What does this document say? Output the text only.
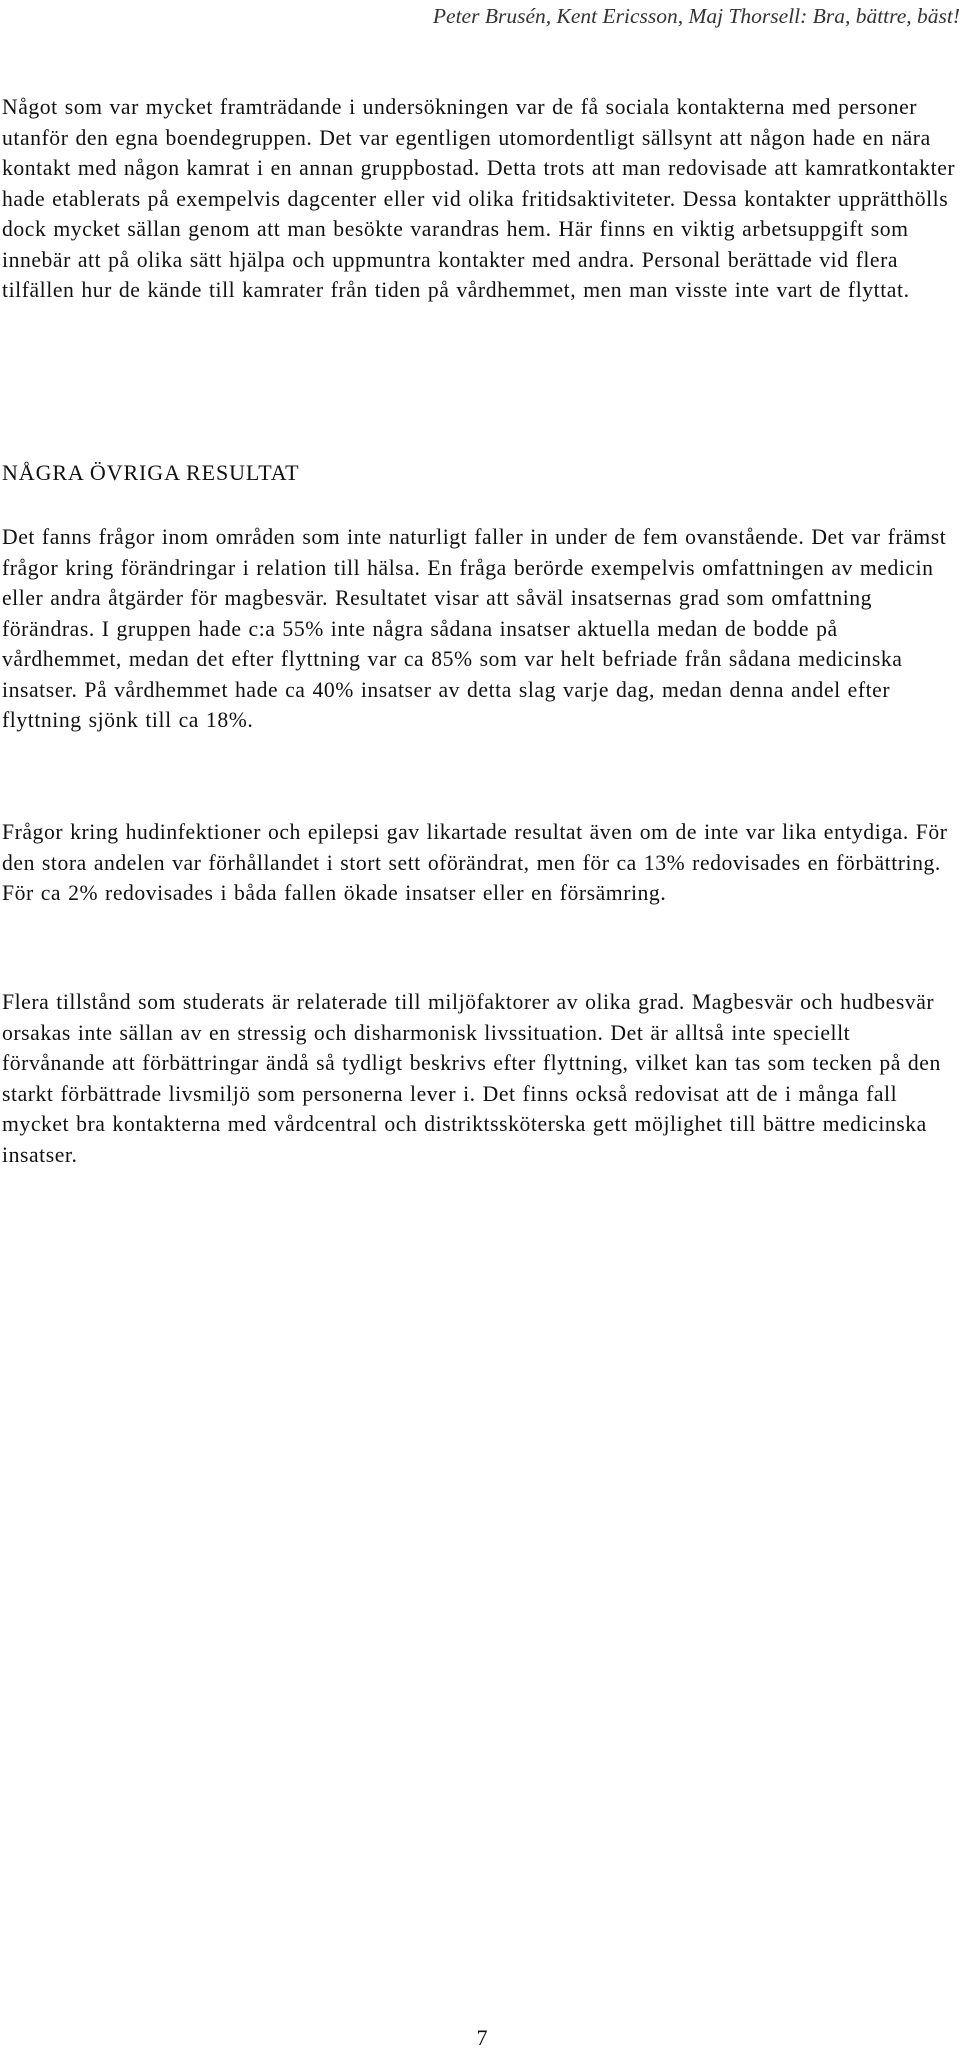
Peter Brusén, Kent Ericsson, Maj Thorsell: Bra, bättre, bäst!

Något som var mycket framträdande i undersökningen var de få sociala kontakterna med personer utanför den egna boendegruppen. Det var egentligen utomordentligt sällsynt att någon hade en nära kontakt med någon kamrat i en annan gruppbostad. Detta trots att man redovisade att kamratkontakter hade etablerats på exempelvis dagcenter eller vid olika fritidsaktiviteter. Dessa kontakter upprätthölls dock mycket sällan genom att man besökte varandras hem. Här finns en viktig arbetsuppgift som innebär att på olika sätt hjälpa och uppmuntra kontakter med andra. Personal berättade vid flera tilfällen hur de kände till kamrater från tiden på vårdhemmet, men man visste inte vart de flyttat.

NÅGRA ÖVRIGA RESULTAT

Det fanns frågor inom områden som inte naturligt faller in under de fem ovanstående. Det var främst frågor kring förändringar i relation till hälsa. En fråga berörde exempelvis omfattningen av medicin eller andra åtgärder för magbesvär. Resultatet visar att såväl insatsernas grad som omfattning förändras. I gruppen hade c:a 55% inte några sådana insatser aktuella medan de bodde på vårdhemmet, medan det efter flyttning var ca 85% som var helt befriade från sådana medicinska insatser. På vårdhemmet hade ca 40% insatser av detta slag varje dag, medan denna andel efter flyttning sjönk till ca 18%.

Frågor kring hudinfektioner och epilepsi gav likartade resultat även om de inte var lika entydiga. För den stora andelen var förhållandet i stort sett oförändrat, men för ca 13% redovisades en förbättring. För ca 2% redovisades i båda fallen ökade insatser eller en försämring.

Flera tillstånd som studerats är relaterade till miljöfaktorer av olika grad. Magbesvär och hudbesvär orsakas inte sällan av en stressig och disharmonisk livssituation. Det är alltså inte speciellt förvånande att förbättringar ändå så tydligt beskrivs efter flyttning, vilket kan tas som tecken på den starkt förbättrade livsmiljö som personerna lever i. Det finns också redovisat att de i många fall mycket bra kontakterna med vårdcentral och distriktssköterska gett möjlighet till bättre medicinska insatser.

7
